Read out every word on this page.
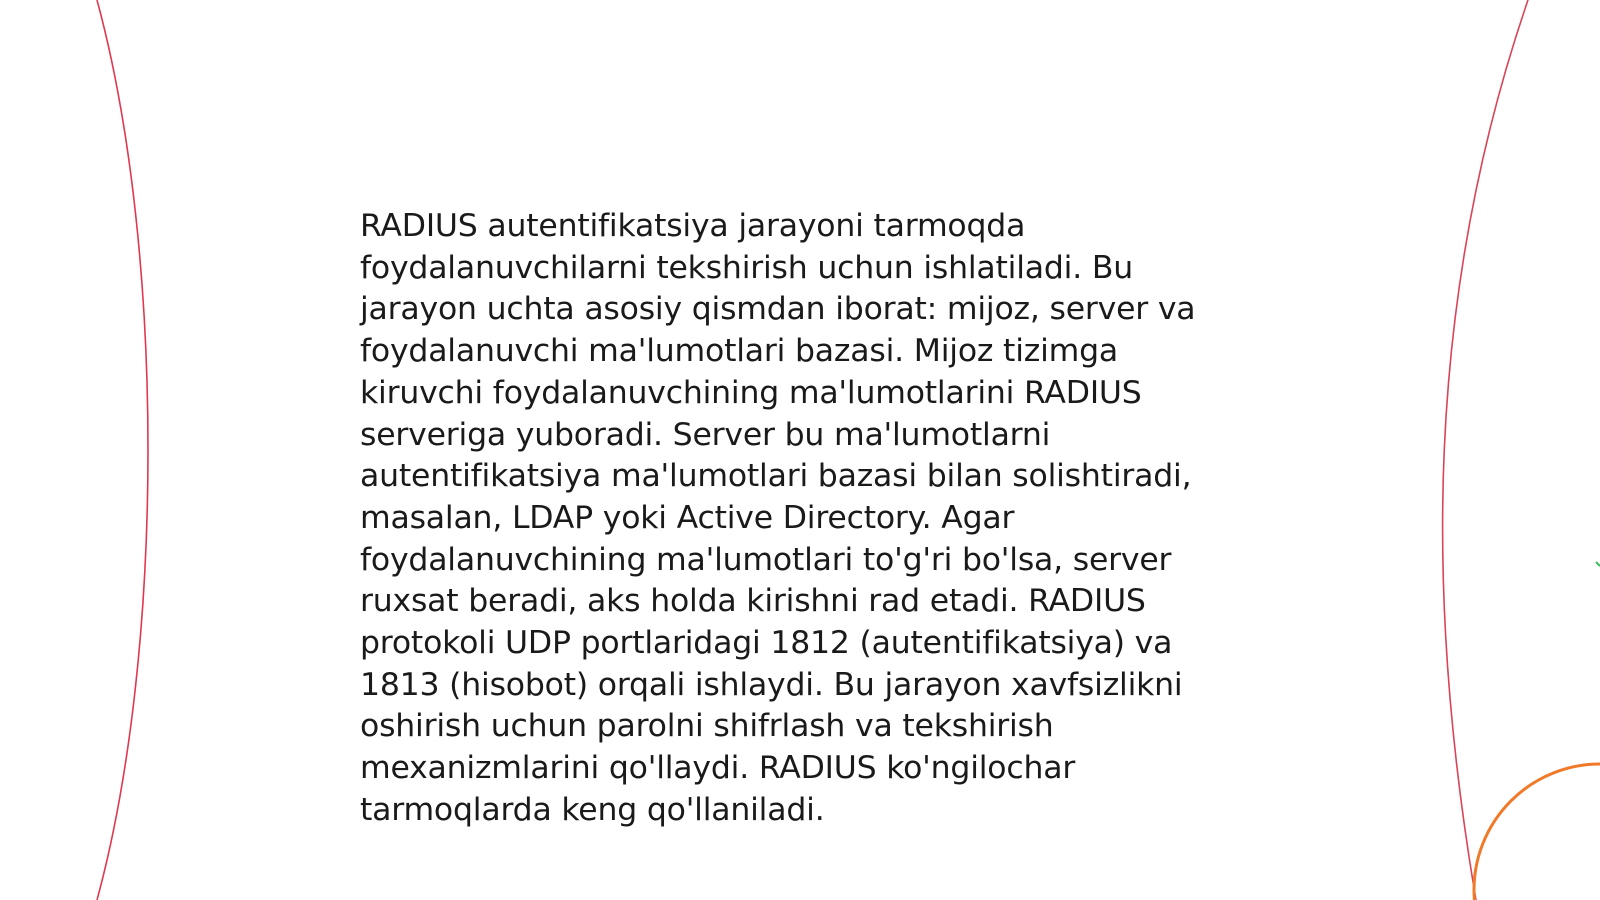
RADIUS autentifikatsiya jarayoni tarmoqda
foydalanuvchilarni tekshirish uchun ishlatiladi. Bu
jarayon uchta asosiy qismdan iborat: mijoz, server va
foydalanuvchi ma'lumotlari bazasi. Mijoz tizimga
kiruvchi foydalanuvchining ma'lumotlarini RADIUS
serveriga yuboradi. Server bu ma'lumotlarni
autentifikatsiya ma'lumotlari bazasi bilan solishtiradi,
masalan, LDAP yoki Active Directory. Agar
foydalanuvchining ma'lumotlari to'g'ri bo'lsa, server
ruxsat beradi, aks holda kirishni rad etadi. RADIUS
protokoli UDP portlaridagi 1812 (autentifikatsiya) va
1813 (hisobot) orqali ishlaydi. Bu jarayon xavfsizlikni
oshirish uchun parolni shifrlash va tekshirish
mexanizmlarini qo'llaydi. RADIUS ko'ngilochar
tarmoqlarda keng qo'llaniladi.
